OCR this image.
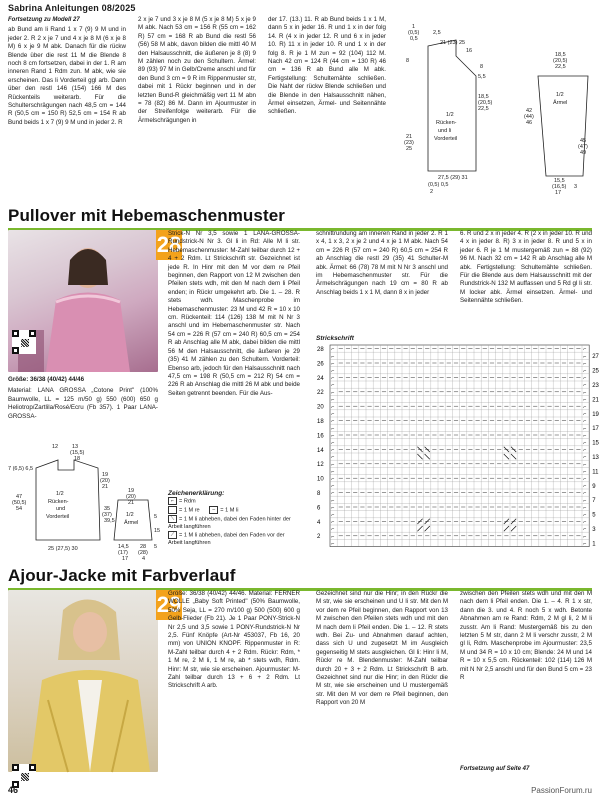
Sabrina Anleitungen 08/2025
Fortsetzung zu Modell 27
ab Bund am li Rand 1 x 7 (9) 9 M und in jeder 2. R 2 x je 7 und 4 x je 8 M (6 x je 8 M) 6 x je 9 M abk. Danach für die rückw Blende über die rest 11 M die Blende 8 noch 8 cm fortsetzen, dabei in der 1. R am inneren Rand 1 Rdm zun. M abk, wie sie erscheinen. Das li Vorderteil ggl arb. Dann über den restl 146 (154) 166 M des Rückenteils weiterarb. Für die Schulterschrägungen nach 48,5 cm = 144 R (50,5 cm = 150 R) 52,5 cm = 154 R ab Bund beids 1 x 7 (9) 9 M und in jeder 2. R
2 x je 7 und 3 x je 8 M (5 x je 8 M) 5 x je 9 M abk. Nach 53 cm = 156 R (55 cm = 162 R) 57 cm = 168 R ab Bund die restl 56 (56) 58 M abk, davon bilden die mittl 40 M den Halsausschnitt, die äußeren je 8 (8) 9 M zählen noch zu den Schultern. Ärmel: 89 (93) 97 M in Gelb/Creme anschl und für den Bund 3 cm = 9 R im Rippenmuster str, dabei mit 1 Rückr beginnen und in der letzten Bund-R gleichmäßig vert 11 M abn = 78 (82) 86 M. Dann im Ajourmuster in der Streifenfolge weiterarb. Für die Ärmelschrägungen in
der 17. (13.) 11. R ab Bund beids 1 x 1 M, dann 5 x in jeder 16. R und 1 x in der folg 14. R (4 x in jeder 12. R und 6 x in jeder 10. R) 11 x in jeder 10. R und 1 x in der folg 8. R je 1 M zun = 92 (104) 112 M. Nach 42 cm = 124 R (44 cm = 130 R) 46 cm = 136 R ab Bund alle M abk. Fertigstellung: Schultemähte schließen. Die Naht der rückw Blende schließen und die Blende in den Halsausschnitt nähen, Ärmel einsetzen, Ärmel- und Seitennähte schließen.
1
(0,5)
0,5
2,5
21 (23) 25
8
16
8
5,5
18,5
(20,5)
22,5
1/2
Rücken-
und li
Vorderteil
21
(23)
25
27,5 (29) 31
(0,5) 0,5
2
18,5
(20,5)
22,5
1/2
Ärmel
42
(44)
46
45
(47)
49
15,5
(16,5)
17
3
Pullover mit Hebemaschenmuster
28

Größe: 36/38 (40/42) 44/46

Material: LANA GROSSA „Cotone Print" (100% Baumwolle, LL = 125 m/50 g) 550 (600) 650 g Heliotrop/Zartlila/Rosé/Ecru (Fb 357). 1 Paar LANA-GROSSA-

12	13
(15,5)
18
7 (6,5) 6,5
19
(20)
21
47
(50,5)
54
1/2
Rücken-
und
Vorderteil
35
(37)
39,5
25 (27,5) 30
19
(20)
21
1/2
Ärmel
5
15
14,5
(17)
17
28
(28)
4
5
Strick-N Nr 3,5 sowie 1 LANA-GROSSA-Rundstrick-N Nr 3. Gl li in Rd: Alle M li str. Hebemaschenmuster: M-Zahl teilbar durch 12 + 4 + 2 Rdm. Lt Strickschrift str. Gezeichnet ist jede R. In Hinr mit den M vor dem re Pfeil beginnen, den Rapport von 12 M zwischen den Pfeilen stets wdh, mit den M nach dem li Pfeil enden; in Rückr umgekehrt arb. Die 1. – 28. R stets wdh. Maschenprobe im Hebemaschenmuster: 23 M und 42 R = 10 x 10 cm. Rückenteil: 114 (126) 138 M mit N Nr 3 anschl und im Hebemaschenmuster str. Nach 54 cm = 226 R (57 cm = 240 R) 60,5 cm = 254 R ab Anschlag alle M abk, dabei bilden die mittl 56 M den Halsausschnitt, die äußeren je 29 (35) 41 M zählen zu den Schultern. Vorderteil: Ebenso arb, jedoch für den Halsausschnitt nach 47,5 cm = 198 R (50,5 cm = 212 R) 54 cm = 226 R ab Anschlag die mittl 26 M abk und beide Seiten getrennt beenden. Für die Aus-
Zeichenerklärung:
⌐ = Rdm
= 1 M re	– = 1 M li
⟍ = 1 M li abheben, dabei den Faden hinter der Arbeit langführen
⟋ = 1 M li abheben, dabei den Faden vor der Arbeit langführen
schnittrundung am inneren Rand in jeder 2. R 1 x 4, 1 x 3, 2 x je 2 und 4 x je 1 M abk. Nach 54 cm = 226 R (57 cm = 240 R) 60,5 cm = 254 R ab Anschlag die restl 29 (35) 41 Schulter-M abk. Ärmel: 66 (78) 78 M mit N Nr 3 anschl und im Hebemaschenmuster str. Für die Ärmelschrägungen nach 19 cm = 80 R ab Anschlag beids 1 x 1 M, dann 8 x in jeder
6. R und 2 x in jeder 4. R (2 x in jeder 10. R und 4 x in jeder 8. R) 3 x in jeder 8. R und 5 x in jeder 6. R je 1 M mustergemäß zun = 88 (92) 96 M. Nach 32 cm = 142 R ab Anschlag alle M abk. Fertigstellung: Schultemähte schließen. Für die Blende aus dem Halsausschnitt mit der Rundstrick-N 132 M auffassen und 5 Rd gl li str. M locker abk. Ärmel einsetzen. Ärmel- und Seitennähte schließen.
Strickschrift
⌐	⌐
⌐	⌐
⌐	⌐
⌐	⌐
⌐	⌐
⌐	⌐
⌐	⌐
⌐	⌐
⌐	⌐
⌐	⌐
⌐	⌐
⌐	⌐
⌐	⌐
⌐	⌐
⌐	⌐
⌐	⌐
⌐	⌐
⌐	⌐
⌐	⌐
⌐	⌐
⌐	⌐
⌐	⌐
⌐	⌐
⌐	⌐
⌐	⌐
⌐	⌐
⌐	⌐
⌐	⌐
28
26
24
22
20
18
16
14
12
10
8
6
4
2
27
25
23
21
19
17
15
13
11
9
7
5
3
1
Ajour-Jacke mit Farbverlauf
29
Größe: 36/38 (40/42) 44/46. Material: FERNER WOLLE „Baby Soft Printed" (50% Baumwolle, 50% Seja, LL = 270 m/100 g) 500 (500) 600 g Gelb-Flieder (Fb 21). Je 1 Paar PONY-Strick-N Nr 2,5 und 3,5 sowie 1 PONY-Rundstrick-N Nr 2,5. Fünf Knöpfe (Art-Nr 453037, Fb 16, 20 mm) von UNION KNOPF. Rippenmuster in R: M-Zahl teilbar durch 4 + 2 Rdm. Rückr: Rdm, * 1 M re, 2 M li, 1 M re, ab * stets wdh, Rdm. Hinr: M str, wie sie erscheinen. Ajourmuster: M-Zahl teilbar durch 13 + 6 + 2 Rdm. Lt Strickschrift A arb.
Gezeichnet sind nur die Hinr; in den Rückr die M str, wie sie erscheinen und U li str. Mit den M vor dem re Pfeil beginnen, den Rapport von 13 M zwischen den Pfeilen stets wdh und mit den M nach dem li Pfeil enden. Die 1. – 12. R stets wdh. Bei Zu- und Abnahmen darauf achten, dass sich U und zugesetzt M im Ausgleich gegenseitig M stets ausgleichen. Gl li: Hinr li M, Rückr re M. Blendenmuster: M-Zahl teilbar durch 20 + 3 + 2 Rdm. Lt Strickschrift B arb. Gezeichnet sind nur die Hinr; in den Rückr die M str, wie sie erscheinen und U mustergemäß str. Mit den M vor dem re Pfeil beginnen, den Rapport von 20 M
zwischen den Pfeilen stets wdh und mit den M nach dem li Pfeil enden. Die 1. – 4. R 1 x str, dann die 3. und 4. R noch 5 x wdh. Betonte Abnahmen am re Rand: Rdm, 2 M gl li, 2 M li zusstr. Am li Rand: Mustergemäß bis zu den letzten 5 M str, dann 2 M li verschr zusstr, 2 M gl li, Rdm. Maschenprobe im Ajourmuster: 23,5 M und 34 R = 10 x 10 cm; Blende: 24 M und 14 R = 10 x 5,5 cm. Rückenteil: 102 (114) 126 M mit N Nr 2,5 anschl und für den Bund 5 cm = 23 R
Fortsetzung auf Seite 47
46	PassionForum.ru
